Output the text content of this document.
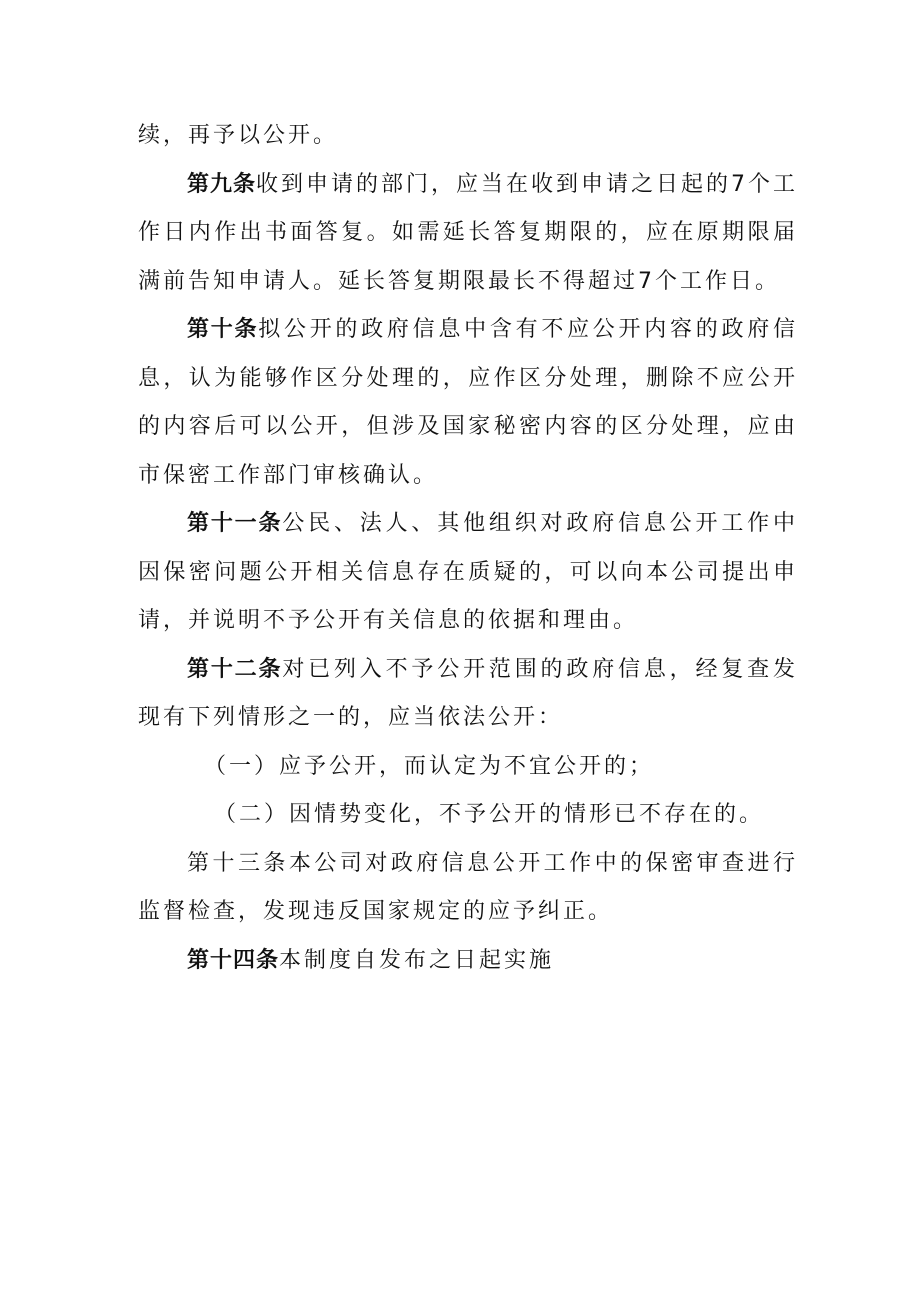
续，再予以公开。

第九条收到申请的部门，应当在收到申请之日起的7个工作日内作出书面答复。如需延长答复期限的，应在原期限届满前告知申请人。延长答复期限最长不得超过7个工作日。

第十条拟公开的政府信息中含有不应公开内容的政府信息，认为能够作区分处理的，应作区分处理，删除不应公开的内容后可以公开，但涉及国家秘密内容的区分处理，应由市保密工作部门审核确认。

第十一条公民、法人、其他组织对政府信息公开工作中因保密问题公开相关信息存在质疑的，可以向本公司提出申请，并说明不予公开有关信息的依据和理由。

第十二条对已列入不予公开范围的政府信息，经复查发现有下列情形之一的，应当依法公开：

（一）应予公开，而认定为不宜公开的；

（二）因情势变化，不予公开的情形已不存在的。

第十三条本公司对政府信息公开工作中的保密审查进行监督检查，发现违反国家规定的应予纠正。

第十四条本制度自发布之日起实施
